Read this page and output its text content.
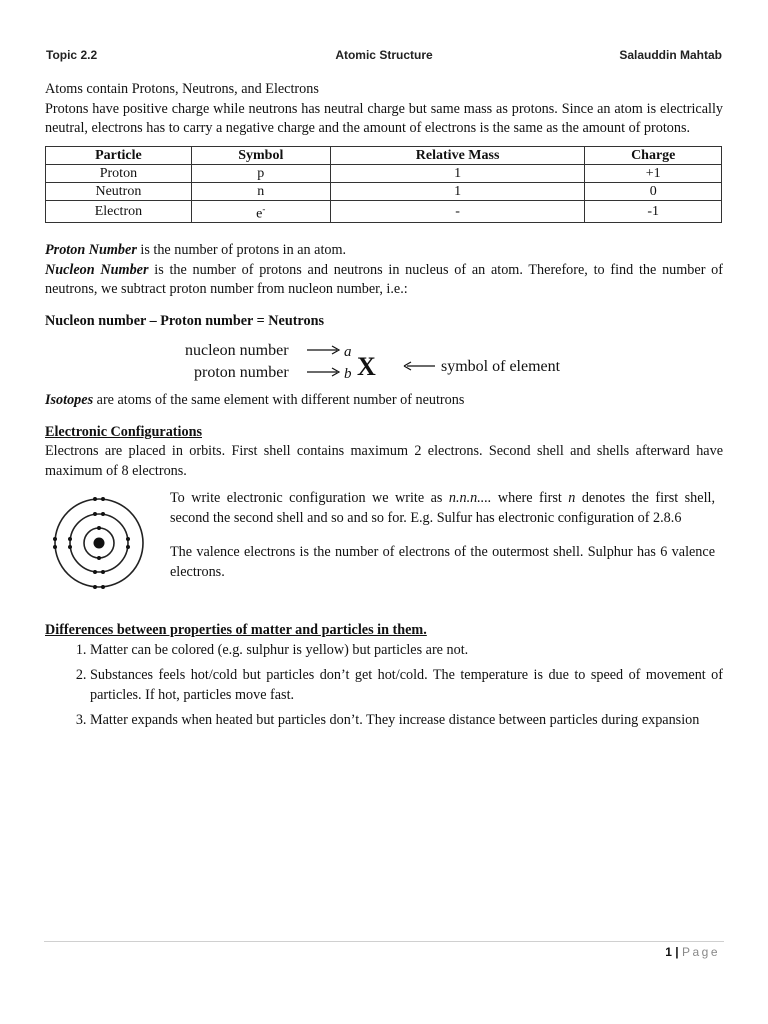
Topic 2.2	Atomic Structure	Salauddin Mahtab

Atoms contain Protons, Neutrons, and Electrons

Protons have positive charge while neutrons has neutral charge but same mass as protons. Since an atom is electrically neutral, electrons has to carry a negative charge and the amount of electrons is the same as the amount of protons.

Particle	Symbol	Relative Mass	Charge
Proton	p	1	+1
Neutron	n	1	0
Electron	e-	-	-1

Proton Number is the number of protons in an atom.

Nucleon Number is the number of protons and neutrons in nucleus of an atom. Therefore, to find the number of neutrons, we subtract proton number from nucleon number, i.e.:

Nucleon number – Proton number = Neutrons

nucleon number	a
proton number	b X	symbol of element

Isotopes are atoms of the same element with different number of neutrons

Electronic Configurations

Electrons are placed in orbits. First shell contains maximum 2 electrons. Second shell and shells afterward have maximum of 8 electrons.

To write electronic configuration we write as n.n.n.... where first n denotes the first shell, second the second shell and so and so for. E.g. Sulfur has electronic configuration of 2.8.6

The valence electrons is the number of electrons of the outermost shell. Sulphur has 6 valence electrons.

Differences between properties of matter and particles in them.

1. Matter can be colored (e.g. sulphur is yellow) but particles are not.
2. Substances feels hot/cold but particles don’t get hot/cold. The temperature is due to speed of movement of particles. If hot, particles move fast.
3. Matter expands when heated but particles don’t. They increase distance between particles during expansion
1 | Page
